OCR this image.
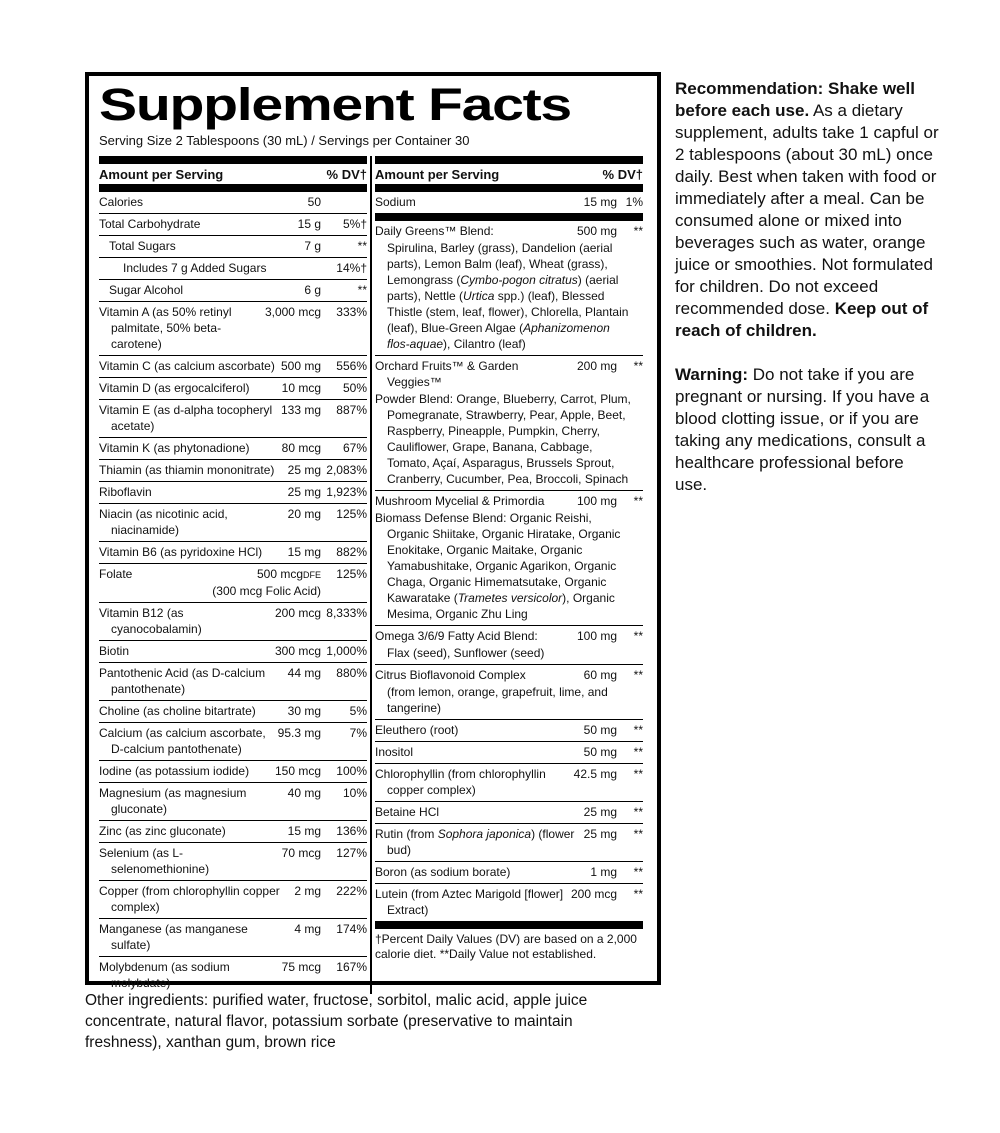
Supplement Facts
Serving Size 2 Tablespoons (30 mL) / Servings per Container 30
Amount per Serving	% DV†
Calories	50
Total Carbohydrate	15 g	5%†
Total Sugars	7 g	**
Includes 7 g Added Sugars	14%†
Sugar Alcohol	6 g	**
Vitamin A (as 50% retinyl palmitate, 50% beta-carotene)
3,000 mcg	333%
Vitamin C (as calcium ascorbate) 500 mg	556%
Vitamin D (as ergocalciferol)	10 mcg	50%
Vitamin E (as d-alpha tocopheryl acetate)
133 mg	887%
Vitamin K (as phytonadione)	80 mcg	67%
Thiamin (as thiamin mononitrate)	25 mg 2,083%
Riboflavin	25 mg 1,923%
Niacin (as nicotinic acid, niacinamide)
20 mg	125%
Vitamin B6 (as pyridoxine HCl)	15 mg	882%
Folate	500 mcgDFE	125%
(300 mcg Folic Acid)
Vitamin B12 (as cyanocobalamin)
200 mcg 8,333%
Biotin	300 mcg 1,000%
Pantothenic Acid (as D-calcium pantothenate)
44 mg	880%
Choline (as choline bitartrate)	30 mg	5%
Calcium (as calcium ascorbate, D-calcium pantothenate)
95.3 mg	7%
Iodine (as potassium iodide)	150 mcg	100%
Magnesium (as magnesium gluconate)
40 mg	10%
Zinc (as zinc gluconate)	15 mg	136%
Selenium (as L-selenomethionine)
70 mcg	127%
Copper (from chlorophyllin copper complex)
2 mg	222%
Manganese (as manganese sulfate)
4 mg	174%
Molybdenum (as sodium molybdate)
75 mcg	167%
Amount per Serving	% DV†
Sodium	15 mg 1%
Daily Greens™ Blend:	500 mg	**
Spirulina, Barley (grass), Dandelion (aerial parts), Lemon Balm (leaf), Wheat (grass), Lemongrass (Cymbo-pogon citratus) (aerial parts), Nettle (Urtica spp.) (leaf), Blessed Thistle (stem, leaf, flower), Chlorella, Plantain (leaf), Blue-Green Algae (Aphanizomenon flos-aquae), Cilantro (leaf)
Orchard Fruits™ & Garden Veggies™
200 mg	**
Powder Blend: Orange, Blueberry, Carrot, Plum, Pomegranate, Strawberry, Pear, Apple, Beet, Raspberry, Pineapple, Pumpkin, Cherry, Cauliflower, Grape, Banana, Cabbage, Tomato, Açaí, Asparagus, Brussels Sprout, Cranberry, Cucumber, Pea, Broccoli, Spinach
Mushroom Mycelial & Primordia	100 mg	**
Biomass Defense Blend: Organic Reishi, Organic Shiitake, Organic Hiratake, Organic Enokitake, Organic Maitake, Organic Yamabushitake, Organic Agarikon, Organic Chaga, Organic Himematsutake, Organic Kawaratake (Trametes versicolor), Organic Mesima, Organic Zhu Ling
Omega 3/6/9 Fatty Acid Blend:	100 mg	**
Flax (seed), Sunflower (seed)
Citrus Bioflavonoid Complex	60 mg	**
(from lemon, orange, grapefruit, lime, and tangerine)
Eleuthero (root)	50 mg	**
Inositol	50 mg	**
Chlorophyllin (from chlorophyllin copper complex)
42.5 mg	**
Betaine HCl	25 mg	**
Rutin (from Sophora japonica) (flower bud)
25 mg	**
Boron (as sodium borate)	1 mg	**
Lutein (from Aztec Marigold [flower] Extract)
200 mcg	**
†Percent Daily Values (DV) are based on a 2,000 calorie diet. **Daily Value not established.
Other ingredients: purified water, fructose, sorbitol, malic acid, apple juice concentrate, natural flavor, potassium sorbate (preservative to maintain freshness), xanthan gum, brown rice

Recommendation: Shake well before each use. As a dietary supplement, adults take 1 capful or 2 tablespoons (about 30 mL) once daily. Best when taken with food or immediately after a meal. Can be consumed alone or mixed into beverages such as water, orange juice or smoothies. Not formulated for children. Do not exceed recommended dose. Keep out of reach of children.

Warning: Do not take if you are pregnant or nursing. If you have a blood clotting issue, or if you are taking any medications, consult a healthcare professional before use.
